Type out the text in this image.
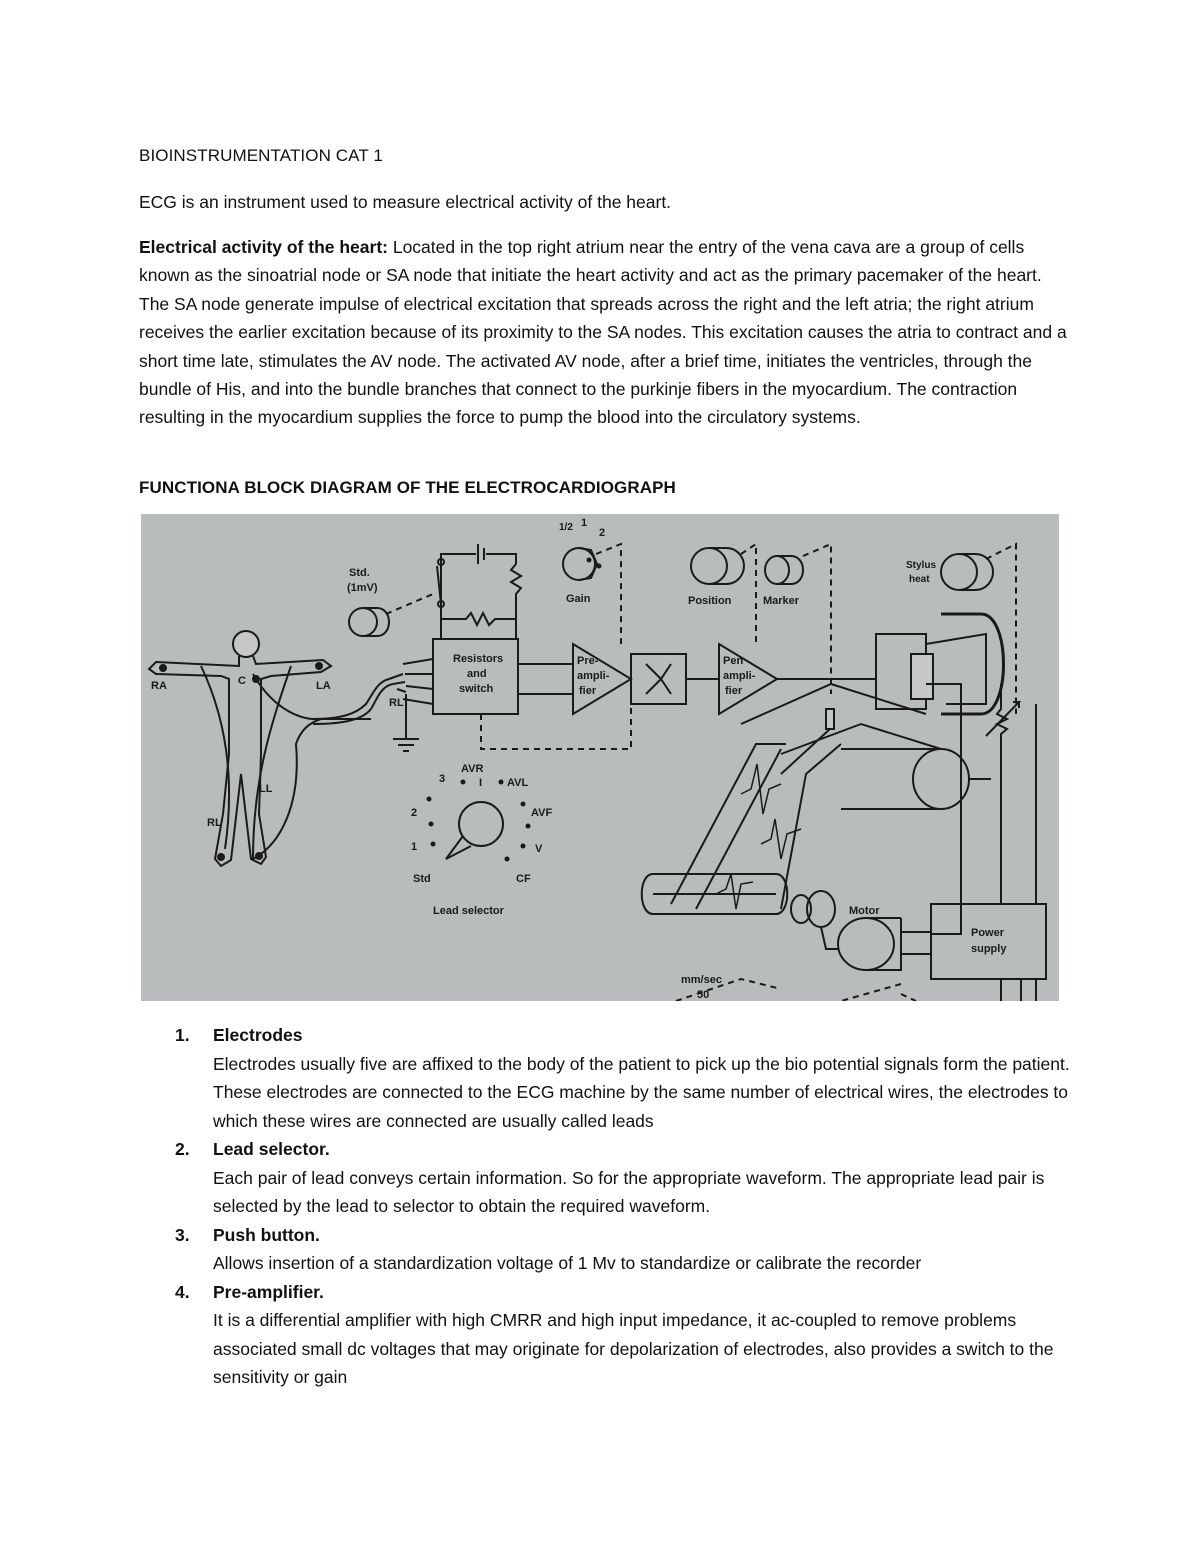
BIOINSTRUMENTATION CAT 1
ECG is an instrument used to measure electrical activity of the heart.
Electrical activity of the heart: Located in the top right atrium near the entry of the vena cava are a group of cells known as the sinoatrial node or SA node that initiate the heart activity and act as the primary pacemaker of the heart. The SA node generate impulse of electrical excitation that spreads across the right and the left atria; the right atrium receives the earlier excitation because of its proximity to the SA nodes. This excitation causes the atria to contract and a short time late, stimulates the AV node. The activated AV node, after a brief time, initiates the ventricles, through the bundle of His, and into the bundle branches that connect to the purkinje fibers in the myocardium. The contraction resulting in the myocardium supplies the force to pump the blood into the circulatory systems.
FUNCTIONA BLOCK DIAGRAM OF THE ELECTROCARDIOGRAPH
RA	LA
C
LL
RL
RL
Std.
(1mV)
Resistors
and
switch
Pre-
ampli-
fier
Pen
ampli-
fier
Gain
1/2 1
2
Position	Marker
Stylus
heat
AVR
AVL
AVF
V
CF
Std
1
2
3	I
Lead selector	Motor
Power
supply
mm/sec
50
1. Electrodes
Electrodes usually five are affixed to the body of the patient to pick up the bio potential signals form the patient. These electrodes are connected to the ECG machine by the same number of electrical wires, the electrodes to which these wires are connected are usually called leads
2. Lead selector.
Each pair of lead conveys certain information. So for the appropriate waveform. The appropriate lead pair is selected by the lead to selector to obtain the required waveform.
3. Push button.
Allows insertion of a standardization voltage of 1 Mv to standardize or calibrate the recorder
4. Pre-amplifier.
It is a differential amplifier with high CMRR and high input impedance, it ac-coupled to remove problems associated small dc voltages that may originate for depolarization of electrodes, also provides a switch to the sensitivity or gain
